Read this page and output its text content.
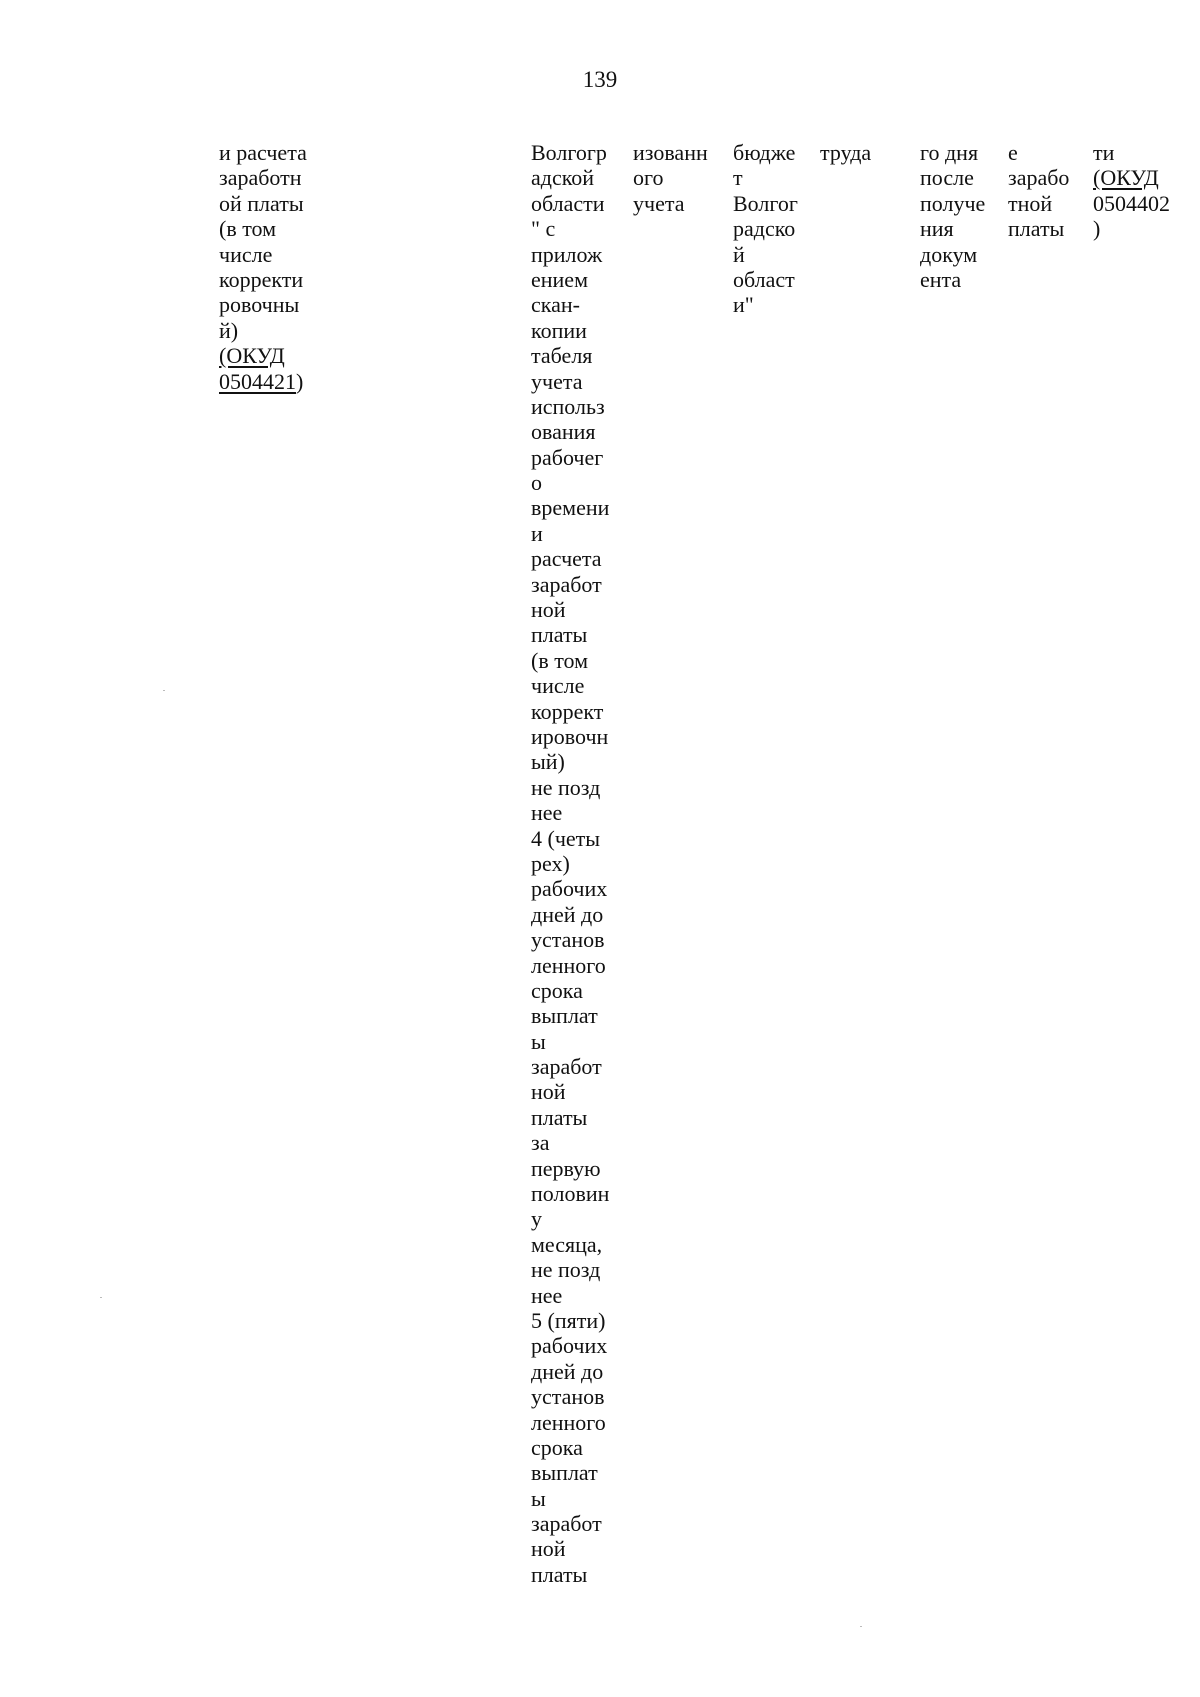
139
и расчета
заработн
ой платы
(в том
числе
корректи
ровочны
й)
(ОКУД
0504421)
Волгогр
адской
области
" с
прилож
ением
скан-
копии
табеля
учета
использ
ования
рабочег
о
времени
и
расчета
заработ
ной
платы
(в том
числе
коррект
ировочн
ый)
не позд
нее
4 (четы
рех)
рабочих
дней до
установ
ленного
срока
выплат
ы
заработ
ной
платы
за
первую
половин
у
месяца,
не позд
нее
5 (пяти)
рабочих
дней до
установ
ленного
срока
выплат
ы
заработ
ной
платы
изованн
ого
учета
бюдже
т
Волгог
радско
й
област
и"
труда го дня
после
получе
ния
докум
ента
е
зарабо
тной
платы
ти
(ОКУД
0504402
)
